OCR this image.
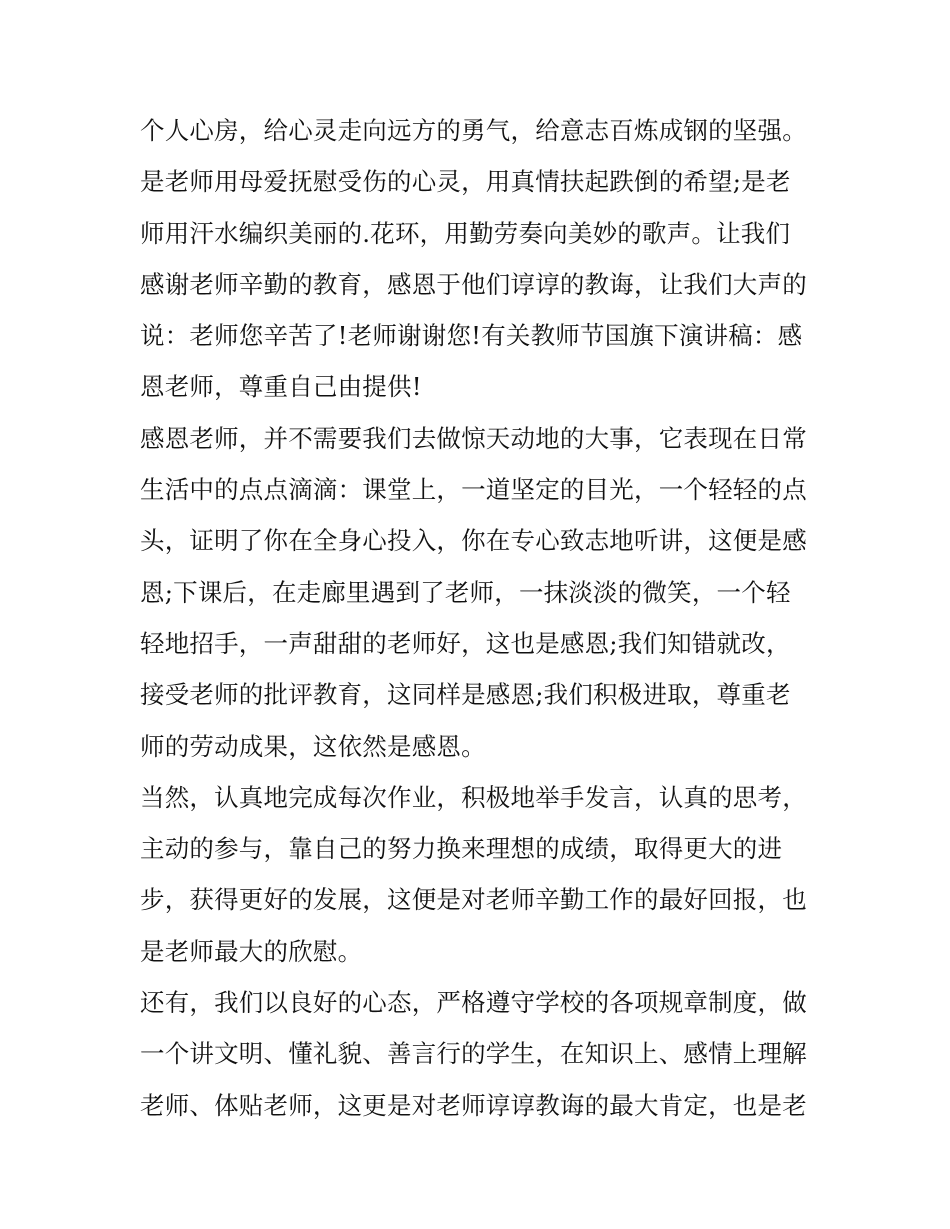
个人心房，给心灵走向远方的勇气，给意志百炼成钢的坚强。
是老师用母爱抚慰受伤的心灵，用真情扶起跌倒的希望;是老
师用汗水编织美丽的.花环，用勤劳奏向美妙的歌声。让我们
感谢老师辛勤的教育，感恩于他们谆谆的教诲，让我们大声的
说：老师您辛苦了!老师谢谢您!有关教师节国旗下演讲稿：感
恩老师，尊重自己由提供!
感恩老师，并不需要我们去做惊天动地的大事，它表现在日常
生活中的点点滴滴：课堂上，一道坚定的目光，一个轻轻的点
头，证明了你在全身心投入，你在专心致志地听讲，这便是感
恩;下课后，在走廊里遇到了老师，一抹淡淡的微笑，一个轻
轻地招手，一声甜甜的老师好，这也是感恩;我们知错就改，
接受老师的批评教育，这同样是感恩;我们积极进取，尊重老
师的劳动成果，这依然是感恩。
当然，认真地完成每次作业，积极地举手发言，认真的思考，
主动的参与，靠自己的努力换来理想的成绩，取得更大的进
步，获得更好的发展，这便是对老师辛勤工作的最好回报，也
是老师最大的欣慰。
还有，我们以良好的心态，严格遵守学校的各项规章制度，做
一个讲文明、懂礼貌、善言行的学生，在知识上、感情上理解
老师、体贴老师，这更是对老师谆谆教诲的最大肯定，也是老
